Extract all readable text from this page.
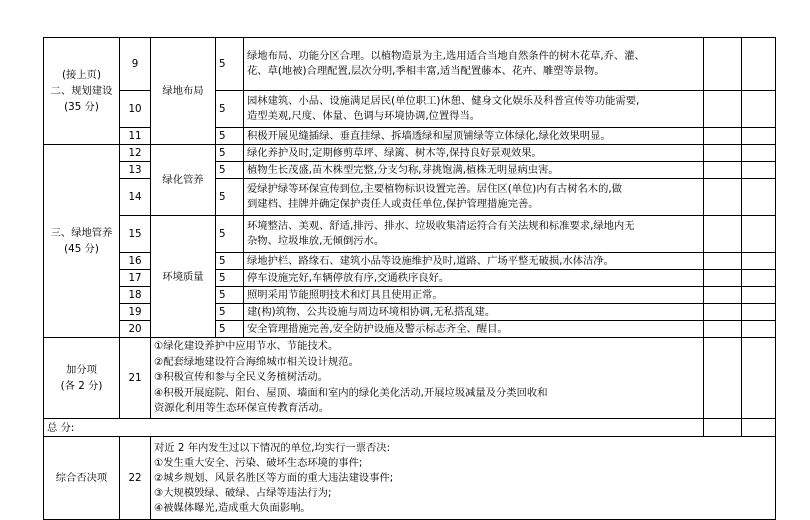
(接上页)
二、规划建设
(35 分)	9	绿地布局	5	绿地布局、功能分区合理。以植物造景为主,选用适合当地自然条件的树木花草,乔、灌、
花、草(地被)合理配置,层次分明,季相丰富,适当配置藤本、花卉、雕塑等景物。		

	10		5	园林建筑、小品、设施满足居民(单位职工)休憩、健身文化娱乐及科普宣传等功能需要,
造型美观,尺度、体量、色调与环境协调,位置得当。		

	11		5	积极开展见缝插绿、垂直挂绿、拆墙透绿和屋顶铺绿等立体绿化,绿化效果明显。		

三、绿地管养
(45 分)	12	绿化管养	5	绿化养护及时,定期修剪草坪、绿篱、树木等,保持良好景观效果。		

	13		5	植物生长茂盛,苗木株型完整,分支匀称,芽挑饱满,植株无明显病虫害。		

	14		5	爱绿护绿等环保宣传到位,主要植物标识设置完善。居住区(单位)内有古树名木的,做
到建档、挂牌并确定保护责任人或责任单位,保护管理措施完善。		

	15	环境质量	5	环境整洁、美观、舒适,排污、排水、垃圾收集清运符合有关法规和标准要求,绿地内无
杂物、垃圾堆放,无倾倒污水。		

	16		5	绿地护栏、路缘石、建筑小品等设施维护及时,道路、广场平整无破损,水体洁净。		

	17		5	停车设施完好,车辆停放有序,交通秩序良好。		

	18		5	照明采用节能照明技术和灯具且使用正常。		

	19		5	建(构)筑物、公共设施与周边环境相协调,无私搭乱建。		

	20		5	安全管理措施完善,安全防护设施及警示标志齐全、醒目。		

加分项
(各 2 分)	21	①绿化建设养护中应用节水、节能技术。
②配套绿地建设符合海绵城市相关设计规范。
③积极宣传和参与全民义务植树活动。
④积极开展庭院、阳台、屋顶、墙面和室内的绿化美化活动,开展垃圾减量及分类回收和
资源化利用等生态环保宣传教育活动。				

总 分:						
综合否决项	22	对近 2 年内发生过以下情况的单位,均实行一票否决:
①发生重大安全、污染、破坏生态环境的事件;
②城乡规划、风景名胜区等方面的重大违法建设事件;
③大规模毁绿、破绿、占绿等违法行为;
④被媒体曝光,造成重大负面影响。				
